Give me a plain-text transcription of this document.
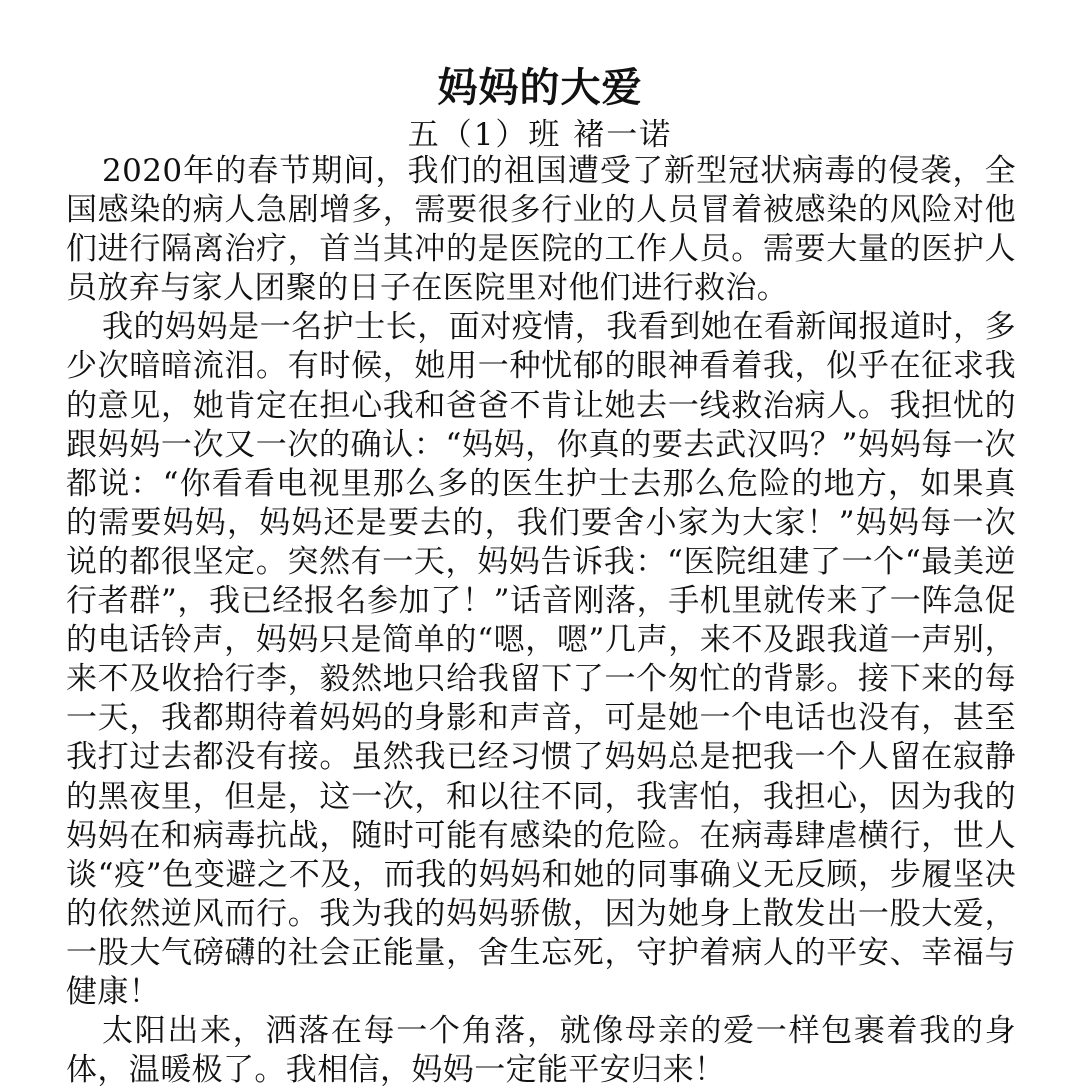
妈妈的大爱
五（1）班 褚一诺

2020年的春节期间，我们的祖国遭受了新型冠状病毒的侵袭，全国感染的病人急剧增多，需要很多行业的人员冒着被感染的风险对他们进行隔离治疗，首当其冲的是医院的工作人员。需要大量的医护人员放弃与家人团聚的日子在医院里对他们进行救治。

我的妈妈是一名护士长，面对疫情，我看到她在看新闻报道时，多少次暗暗流泪。有时候，她用一种忧郁的眼神看着我，似乎在征求我的意见，她肯定在担心我和爸爸不肯让她去一线救治病人。我担忧的跟妈妈一次又一次的确认：“妈妈，你真的要去武汉吗？”妈妈每一次都说：“你看看电视里那么多的医生护士去那么危险的地方，如果真的需要妈妈，妈妈还是要去的，我们要舍小家为大家！”妈妈每一次说的都很坚定。突然有一天，妈妈告诉我：“医院组建了一个“最美逆行者群”，我已经报名参加了！”话音刚落，手机里就传来了一阵急促的电话铃声，妈妈只是简单的“嗯，嗯”几声，来不及跟我道一声别，来不及收拾行李，毅然地只给我留下了一个匆忙的背影。接下来的每一天，我都期待着妈妈的身影和声音，可是她一个电话也没有，甚至我打过去都没有接。虽然我已经习惯了妈妈总是把我一个人留在寂静的黑夜里，但是，这一次，和以往不同，我害怕，我担心，因为我的妈妈在和病毒抗战，随时可能有感染的危险。在病毒肆虐横行，世人谈“疫”色变避之不及，而我的妈妈和她的同事确义无反顾，步履坚决的依然逆风而行。我为我的妈妈骄傲，因为她身上散发出一股大爱，一股大气磅礴的社会正能量，舍生忘死，守护着病人的平安、幸福与健康！

太阳出来，洒落在每一个角落，就像母亲的爱一样包裹着我的身体，温暖极了。我相信，妈妈一定能平安归来！
